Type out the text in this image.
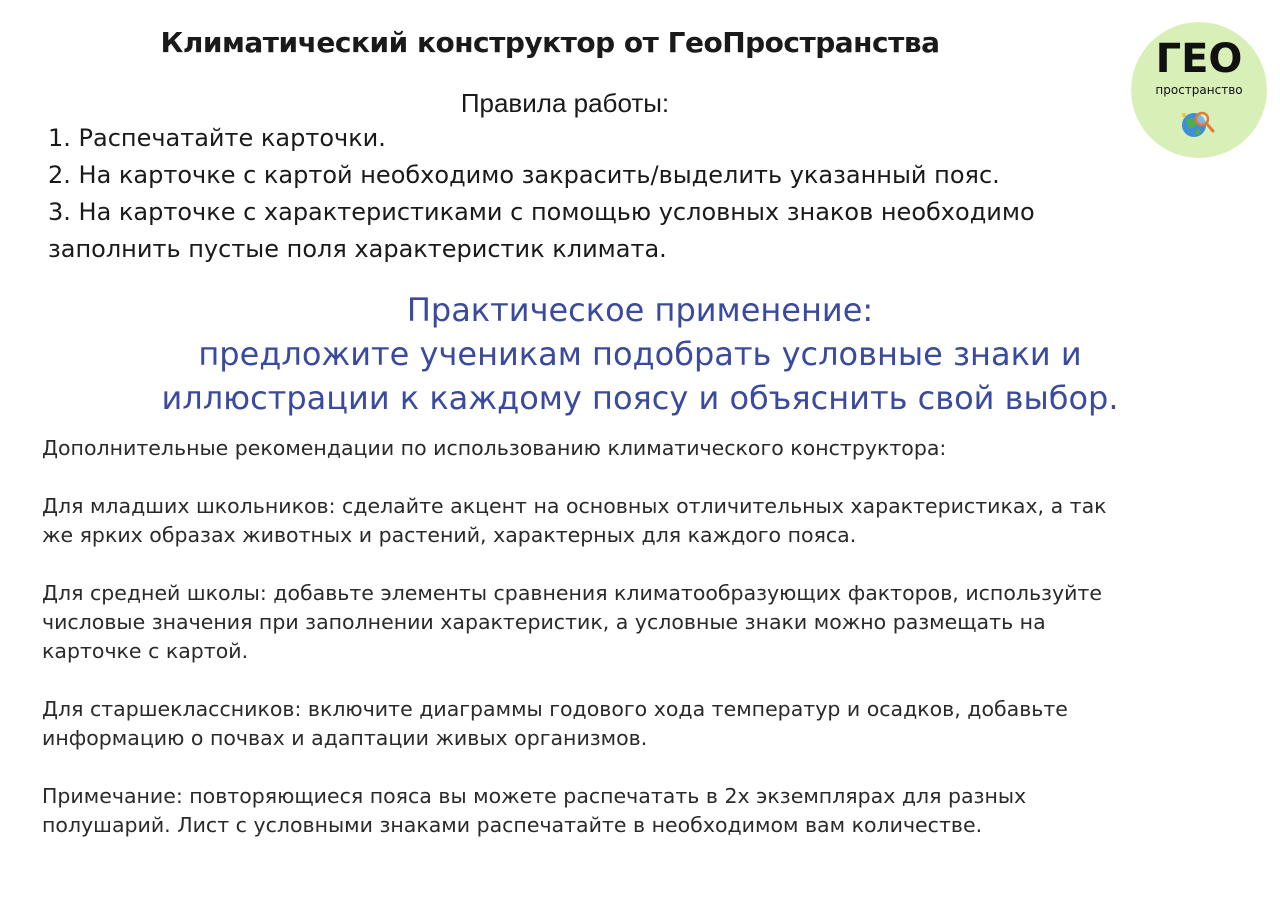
Климатический конструктор от ГеоПространства	ГЕО
пространство
Правила работы:
1. Распечатайте карточки.
2. На карточке с картой необходимо закрасить/выделить указанный пояс.
3. На карточке с характеристиками с помощью условных знаков необходимо
заполнить пустые поля характеристик климата.
Практическое применение:
предложите ученикам подобрать условные знаки и
иллюстрации к каждому поясу и объяснить свой выбор.

Дополнительные рекомендации по использованию климатического конструктора:

Для младших школьников: сделайте акцент на основных отличительных характеристиках, а так

же ярких образах животных и растений, характерных для каждого пояса.

Для средней школы: добавьте элементы сравнения климатообразующих факторов, используйте

числовые значения при заполнении характеристик, а условные знаки можно размещать на

карточке с картой.

Для старшеклассников: включите диаграммы годового хода температур и осадков, добавьте

информацию о почвах и адаптации живых организмов.

Примечание: повторяющиеся пояса вы можете распечатать в 2х экземплярах для разных

полушарий. Лист с условными знаками распечатайте в необходимом вам количестве.
